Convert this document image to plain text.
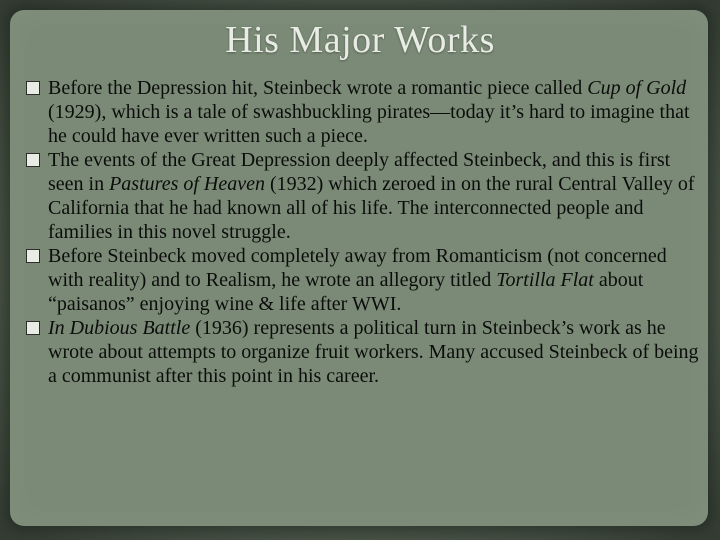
His Major Works
Before the Depression hit, Steinbeck wrote a romantic piece called Cup of Gold (1929), which is a tale of swashbuckling pirates—today it’s hard to imagine that he could have ever written such a piece.
The events of the Great Depression deeply affected Steinbeck, and this is first seen in Pastures of Heaven (1932) which zeroed in on the rural Central Valley of California that he had known all of his life. The interconnected people and families in this novel struggle.
Before Steinbeck moved completely away from Romanticism (not concerned with reality) and to Realism, he wrote an allegory titled Tortilla Flat about “paisanos” enjoying wine & life after WWI.
In Dubious Battle (1936) represents a political turn in Steinbeck’s work as he wrote about attempts to organize fruit workers. Many accused Steinbeck of being a communist after this point in his career.
